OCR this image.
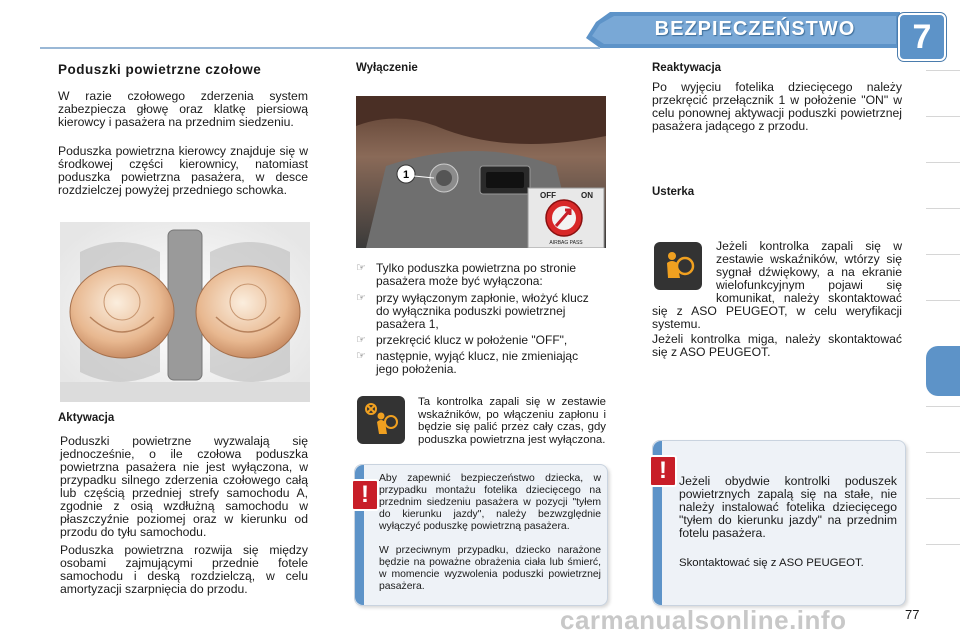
BEZPIECZEŃSTWO	7
Poduszki powietrzne czołowe
W razie czołowego zderzenia system zabezpiecza głowę oraz klatkę piersiową kierowcy i pasażera na przednim siedzeniu.
Poduszka powietrzna kierowcy znajduje się w środkowej części kierownicy, natomiast poduszka powietrzna pasażera, w desce rozdzielczej powyżej przedniego schowka.
Aktywacja
Poduszki powietrzne wyzwalają się jednocześnie, o ile czołowa poduszka powietrzna pasażera nie jest wyłączona, w przypadku silnego zderzenia czołowego całą lub częścią przedniej strefy samochodu A, zgodnie z osią wzdłużną samochodu w płaszczyźnie poziomej oraz w kierunku od przodu do tyłu samochodu.
Poduszka powietrzna rozwija się między osobami zajmującymi przednie fotele samochodu i deską rozdzielczą, w celu amortyzacji szarpnięcia do przodu.
Wyłączenie
1
OFF	ON
AIRBAG PASS
☞ Tylko poduszka powietrzna po stronie pasażera może być wyłączona:
☞ przy wyłączonym zapłonie, włożyć klucz do wyłącznika poduszki powietrznej pasażera 1,
☞ przekręcić klucz w położenie "OFF",
☞ następnie, wyjąć klucz, nie zmieniając jego położenia.
Ta kontrolka zapali się w zestawie wskaźników, po włączeniu zapłonu i będzie się palić przez cały czas, gdy poduszka powietrzna jest wyłączona.
!
Aby zapewnić bezpieczeństwo dziecka, w przypadku montażu fotelika dziecięcego na przednim siedzeniu pasażera w pozycji "tyłem do kierunku jazdy", należy bezwzględnie wyłączyć poduszkę powietrzną pasażera.
W przeciwnym przypadku, dziecko narażone będzie na poważne obrażenia ciała lub śmierć, w momencie wyzwolenia poduszki powietrznej pasażera.
Reaktywacja
Po wyjęciu fotelika dziecięcego należy przekręcić przełącznik 1 w położenie "ON" w celu ponownej aktywacji poduszki powietrznej pasażera jadącego z przodu.
Usterka
Jeżeli kontrolka zapali się w zestawie wskaźników, wtórzy się sygnał dźwiękowy, a na ekranie wielofunkcyjnym pojawi się komunikat, należy skontaktować się z ASO PEUGEOT, w celu weryfikacji systemu.
Jeżeli kontrolka miga, należy skontaktować się z ASO PEUGEOT.
! Jeżeli obydwie kontrolki poduszek powietrznych zapalą się na stałe, nie należy instalować fotelika dziecięcego "tyłem do kierunku jazdy" na przednim fotelu pasażera.
Skontaktować się z ASO PEUGEOT.
carmanualsonline.info	77
